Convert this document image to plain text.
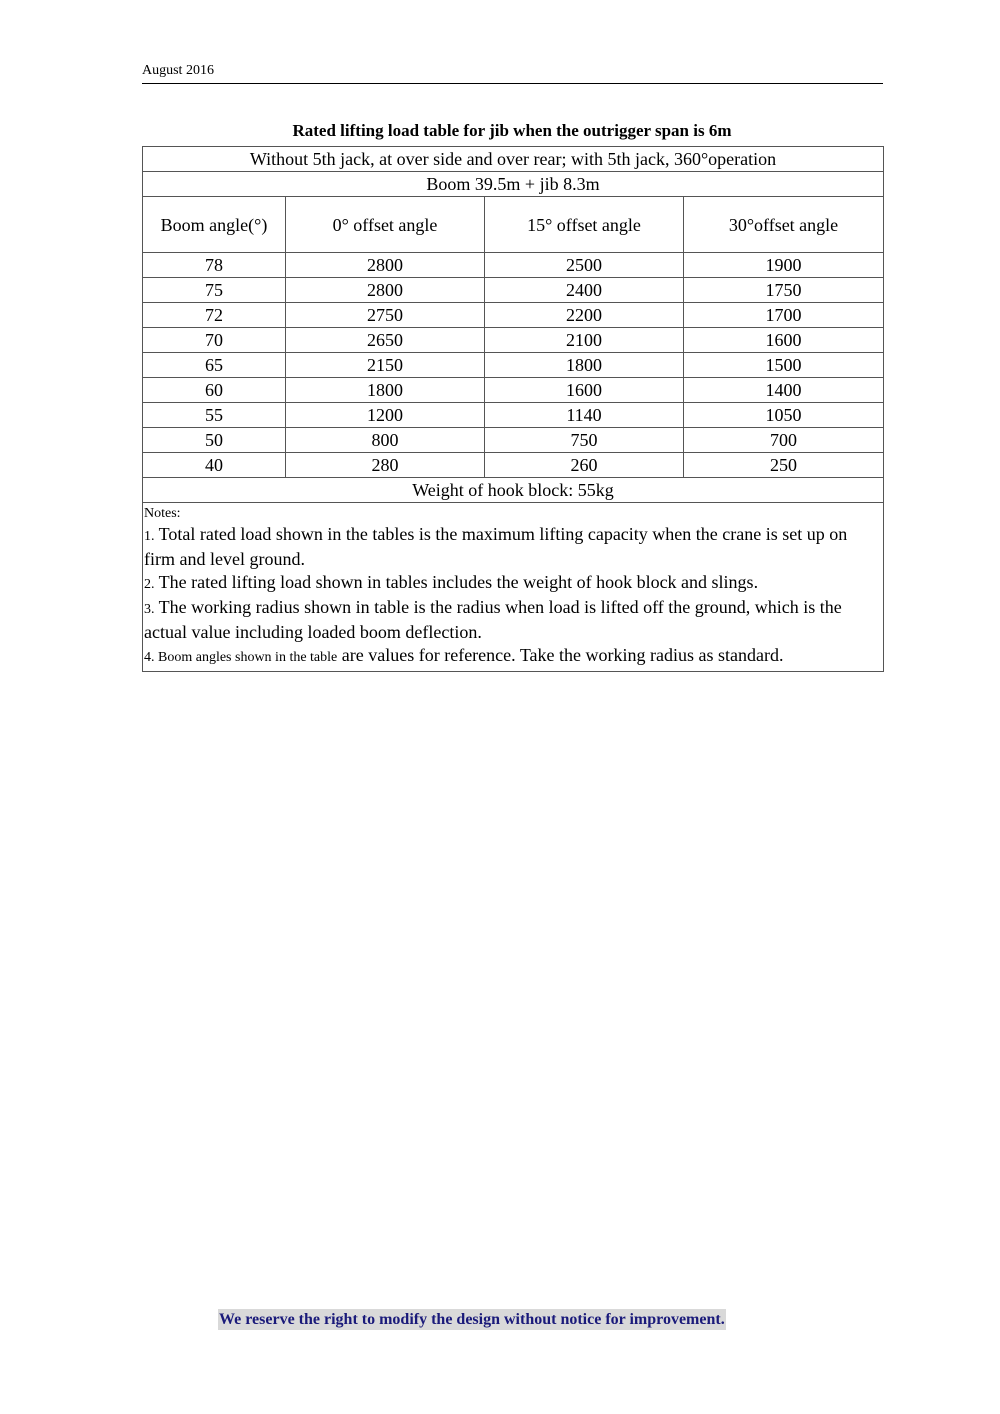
August 2016
Rated lifting load table for jib when the outrigger span is 6m
Without 5th jack, at over side and over rear; with 5th jack, 360°operation			
Boom 39.5m + jib 8.3m			
Boom angle(°)	0° offset angle	15° offset angle	30°offset angle
78	2800	2500	1900
75	2800	2400	1750
72	2750	2200	1700
70	2650	2100	1600
65	2150	1800	1500
60	1800	1600	1400
55	1200	1140	1050
50	800	750	700
40	280	260	250
Weight of hook block: 55kg			

Notes:
1. Total rated load shown in the tables is the maximum lifting capacity when the crane is set up on firm and level ground.
2. The rated lifting load shown in tables includes the weight of hook block and slings.
3. The working radius shown in table is the radius when load is lifted off the ground, which is the actual value including loaded boom deflection.
4. Boom angles shown in the table are values for reference. Take the working radius as standard.			
We reserve the right to modify the design without notice for improvement.
